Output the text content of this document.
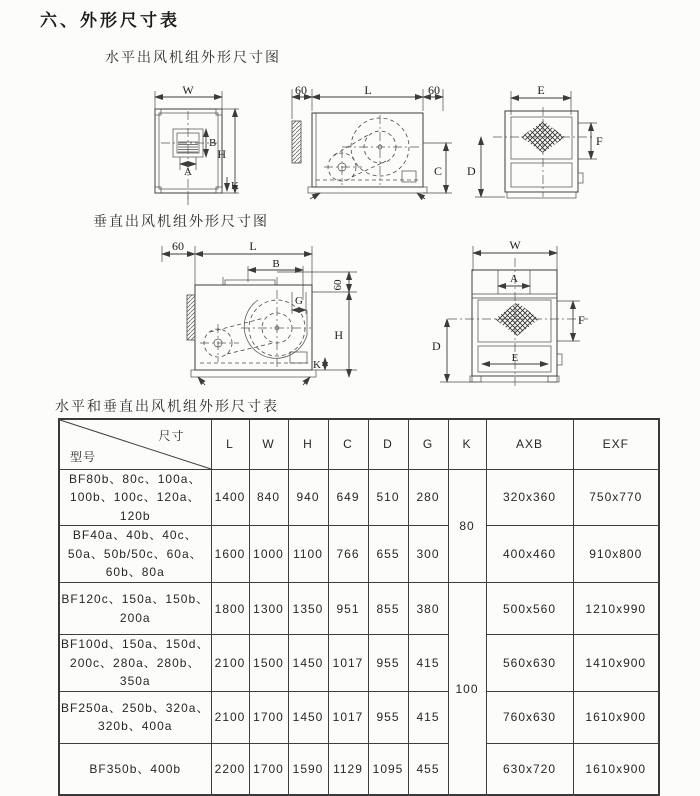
六、外形尺寸表
水平出风机组外形尺寸图
W
B
A
H
K
60	L	60
C
E
F
D
垂直出风机组外形尺寸图
60	L
B
60
G
H
K
W
A
F
D
E
水平和垂直出风机组外形尺寸表
尺寸
型号	L	W	H	C	D	G	K	AXB	EXF
BF80b、80c、100a、100b、100c、120a、120b	1400	840	940	649	510	280	80	320x360	750x770
BF40a、40b、40c、50a、50b/50c、60a、60b、80a	1600	1000	1100	766	655	300		400x460	910x800
BF120c、150a、150b、200a	1800	1300	1350	951	855	380	100	500x560	1210x990
BF100d、150a、150d、200c、280a、280b、350a	2100	1500	1450	1017	955	415		560x630	1410x900
BF250a、250b、320a、320b、400a	2100	1700	1450	1017	955	415		760x630	1610x900
BF350b、400b	2200	1700	1590	1129	1095	455		630x720	1610x900
